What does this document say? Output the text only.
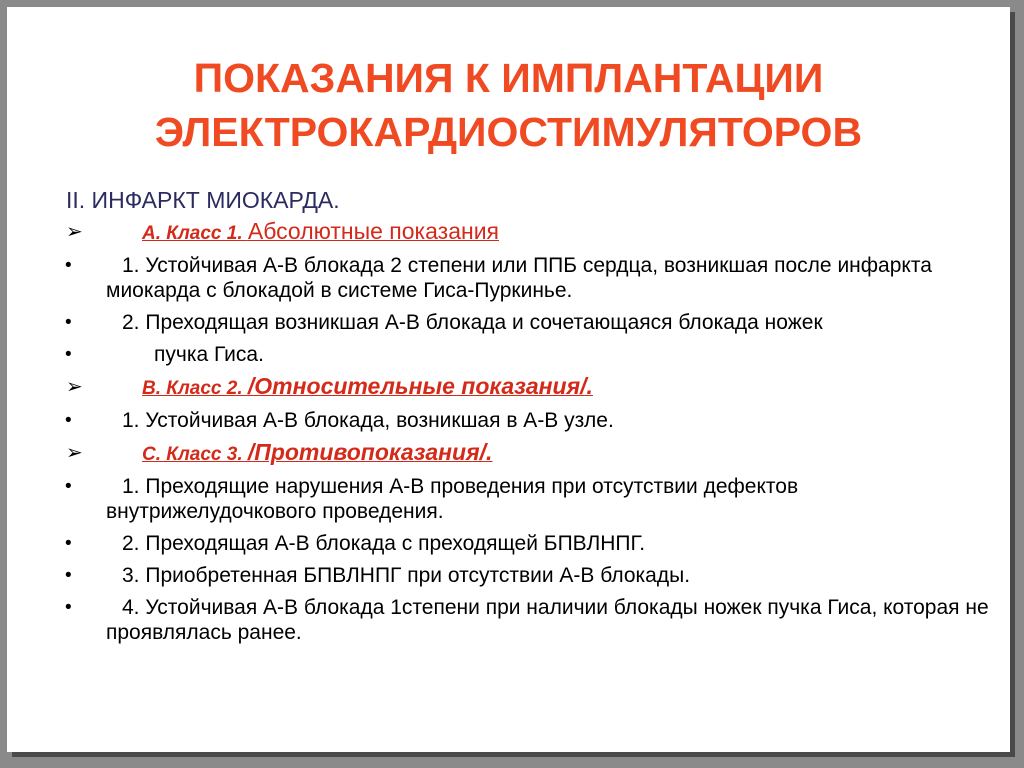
ПОКАЗАНИЯ К ИМПЛАНТАЦИИ
ЭЛЕКТРОКАРДИОСТИМУЛЯТОРОВ
II. ИНФАРКТ МИОКАРДА.
➢	А. Класс 1. Абсолютные показания
•	1. Устойчивая А-В блокада 2 степени или ППБ сердца, возникшая после инфаркта миокарда с блокадой в системе Гиса-Пуркинье.
•	2. Преходящая возникшая А-В блокада и сочетающаяся блокада ножек
•	пучка Гиса.
➢	В. Класс 2. /Относительные показания/.
•	1. Устойчивая А-В блокада, возникшая в А-В узле.
➢	С. Класс 3. /Противопоказания/.
•	1. Преходящие нарушения А-В проведения при отсутствии дефектов внутрижелудочкового проведения.
•	2. Преходящая А-В блокада с преходящей БПВЛНПГ.
•	3. Приобретенная БПВЛНПГ при отсутствии А-В блокады.
•	4. Устойчивая А-В блокада 1степени при наличии блокады ножек пучка Гиса, которая не проявлялась ранее.
